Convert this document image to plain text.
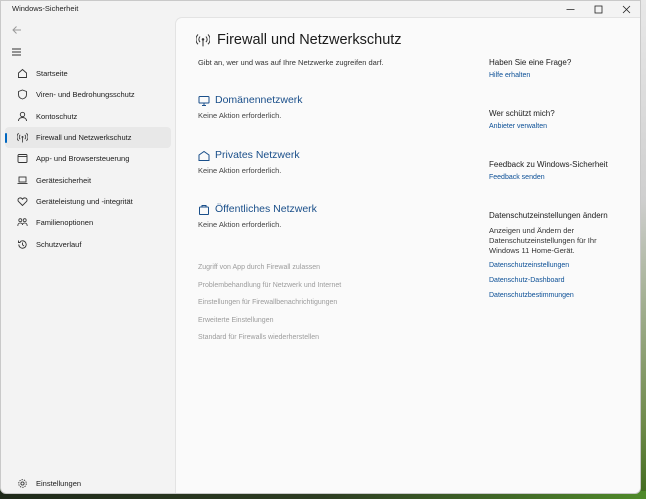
Windows-Sicherheit
Startseite
Viren- und Bedrohungsschutz
Kontoschutz
Firewall und Netzwerkschutz
App- und Browsersteuerung
Gerätesicherheit
Geräteleistung und -integrität
Familienoptionen
Schutzverlauf
Einstellungen
Firewall und Netzwerkschutz
Gibt an, wer und was auf Ihre Netzwerke zugreifen darf.
Domänennetzwerk
Keine Aktion erforderlich.
Privates Netzwerk
Keine Aktion erforderlich.
Öffentliches Netzwerk
Keine Aktion erforderlich.
Zugriff von App durch Firewall zulassen
Problembehandlung für Netzwerk und Internet
Einstellungen für Firewallbenachrichtigungen
Erweiterte Einstellungen
Standard für Firewalls wiederherstellen
Haben Sie eine Frage?
Hilfe erhalten
Wer schützt mich?
Anbieter verwalten
Feedback zu Windows-Sicherheit
Feedback senden
Datenschutzeinstellungen ändern
Anzeigen und Ändern der Datenschutzeinstellungen für Ihr Windows 11 Home-Gerät.
Datenschutzeinstellungen
Datenschutz-Dashboard
Datenschutzbestimmungen
